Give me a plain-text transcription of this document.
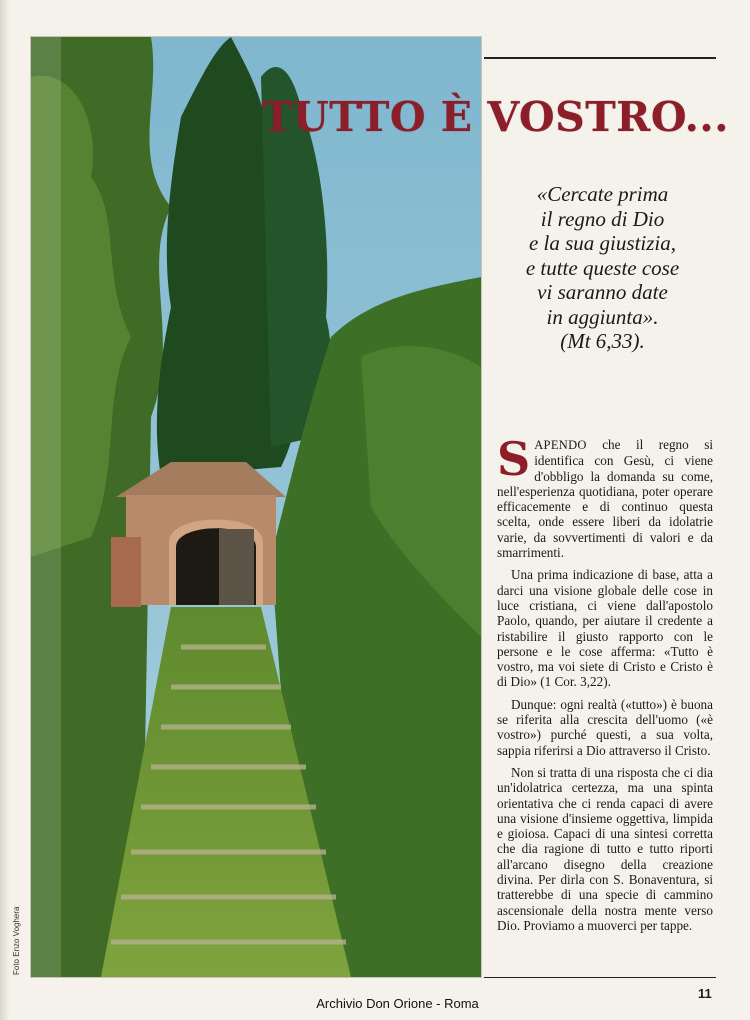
Foto Enzo Voghera
TUTTO È VOSTRO...
«Cercate prima
il regno di Dio
e la sua giustizia,
e tutte queste cose
vi saranno date
in aggiunta».
(Mt 6,33).

SAPENDO che il regno si identifica con Gesù, ci viene d'obbligo la domanda su come, nell'esperienza quotidiana, poter operare efficacemente e di continuo questa scelta, onde essere liberi da idolatrie varie, da sovvertimenti di valori e da smarrimenti.

Una prima indicazione di base, atta a darci una visione globale delle cose in luce cristiana, ci viene dall'apostolo Paolo, quando, per aiutare il credente a ristabilire il giusto rapporto con le persone e le cose afferma: «Tutto è vostro, ma voi siete di Cristo e Cristo è di Dio» (1 Cor. 3,22).

Dunque: ogni realtà («tutto») è buona se riferita alla crescita dell'uomo («è vostro») purché questi, a sua volta, sappia riferirsi a Dio attraverso il Cristo.

Non si tratta di una risposta che ci dia un'idolatrica certezza, ma una spinta orientativa che ci renda capaci di avere una visione d'insieme oggettiva, limpida e gioiosa. Capaci di una sintesi corretta che dia ragione di tutto e tutto riporti all'arcano disegno della creazione divina. Per dirla con S. Bonaventura, si tratterebbe di una specie di cammino ascensionale della nostra mente verso Dio. Proviamo a muoverci per tappe.

11
Archivio Don Orione - Roma
